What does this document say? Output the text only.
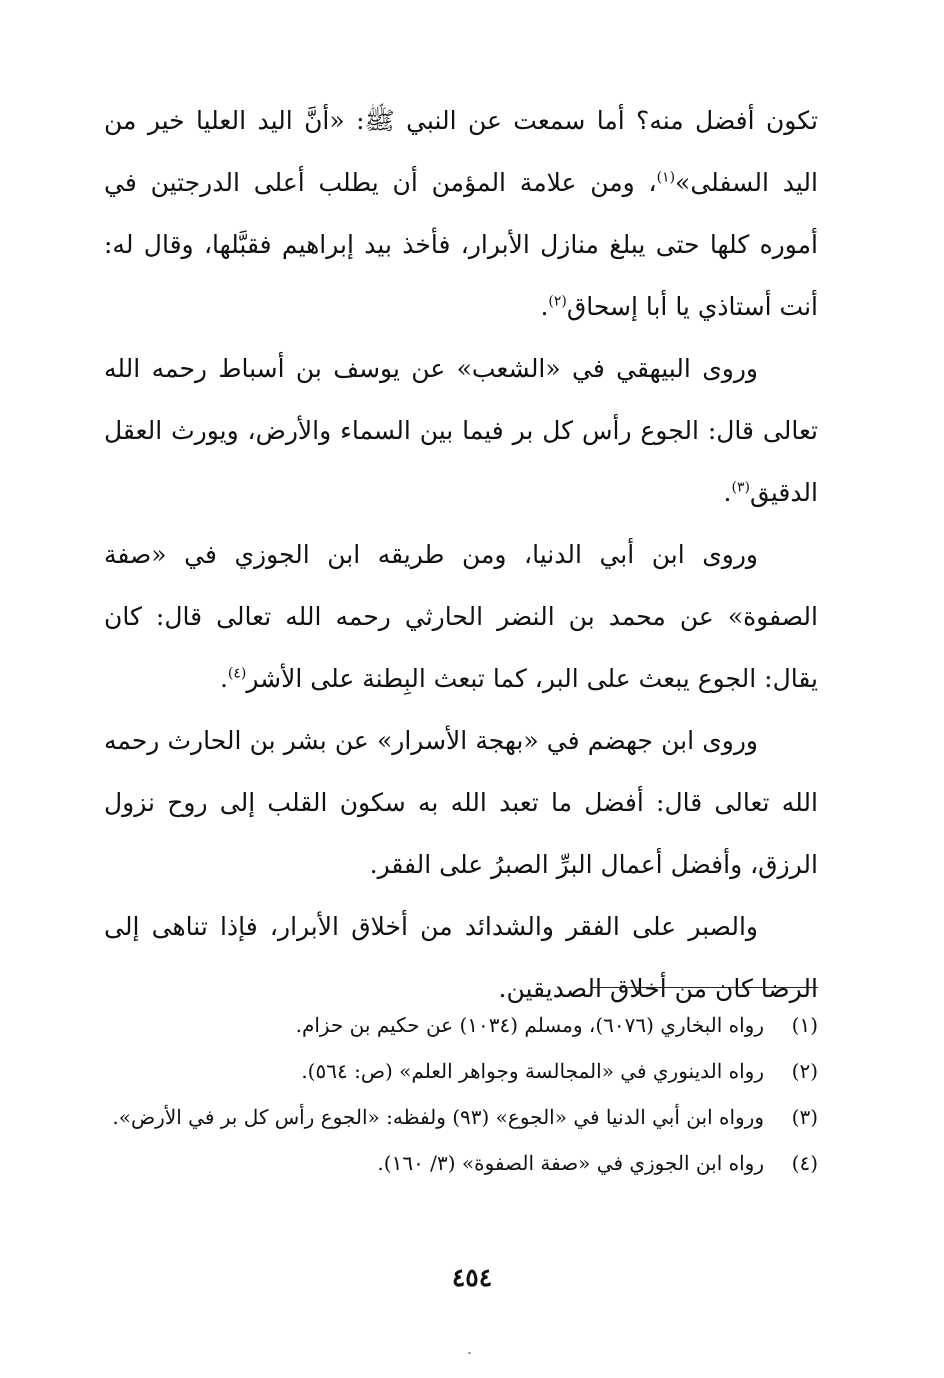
تكون أفضل منه؟ أما سمعت عن النبي ﷺ: «أنَّ اليد العليا خير من اليد السفلى»$^{(١)}$، ومن علامة المؤمن أن يطلب أعلى الدرجتين في أموره كلها حتى يبلغ منازل الأبرار، فأخذ بيد إبراهيم فقبَّلها، وقال له: أنت أستاذي يا أبا إسحاق$^{(٢)}$.

وروى البيهقي في «الشعب» عن يوسف بن أسباط رحمه الله تعالى قال: الجوع رأس كل بر فيما بين السماء والأرض، ويورث العقل الدقيق$^{(٣)}$.

وروى ابن أبي الدنيا، ومن طريقه ابن الجوزي في «صفة الصفوة» عن محمد بن النضر الحارثي رحمه الله تعالى قال: كان يقال: الجوع يبعث على البر، كما تبعث البِطنة على الأشر$^{(٤)}$.

وروى ابن جهضم في «بهجة الأسرار» عن بشر بن الحارث رحمه الله تعالى قال: أفضل ما تعبد الله به سكون القلب إلى روح نزول الرزق، وأفضل أعمال البرِّ الصبرُ على الفقر.

والصبر على الفقر والشدائد من أخلاق الأبرار، فإذا تناهى إلى الرضا كان من أخلاق الصديقين.

(١)
رواه البخاري (٦٠٧٦)، ومسلم (١٠٣٤) عن حكيم بن حزام.
(٢)
رواه الدينوري في «المجالسة وجواهر العلم» (ص: ٥٦٤).
(٣)
ورواه ابن أبي الدنيا في «الجوع» (٩٣) ولفظه: «الجوع رأس كل بر في الأرض».
(٤)
رواه ابن الجوزي في «صفة الصفوة» (٣/ ١٦٠).
٤٥٤
